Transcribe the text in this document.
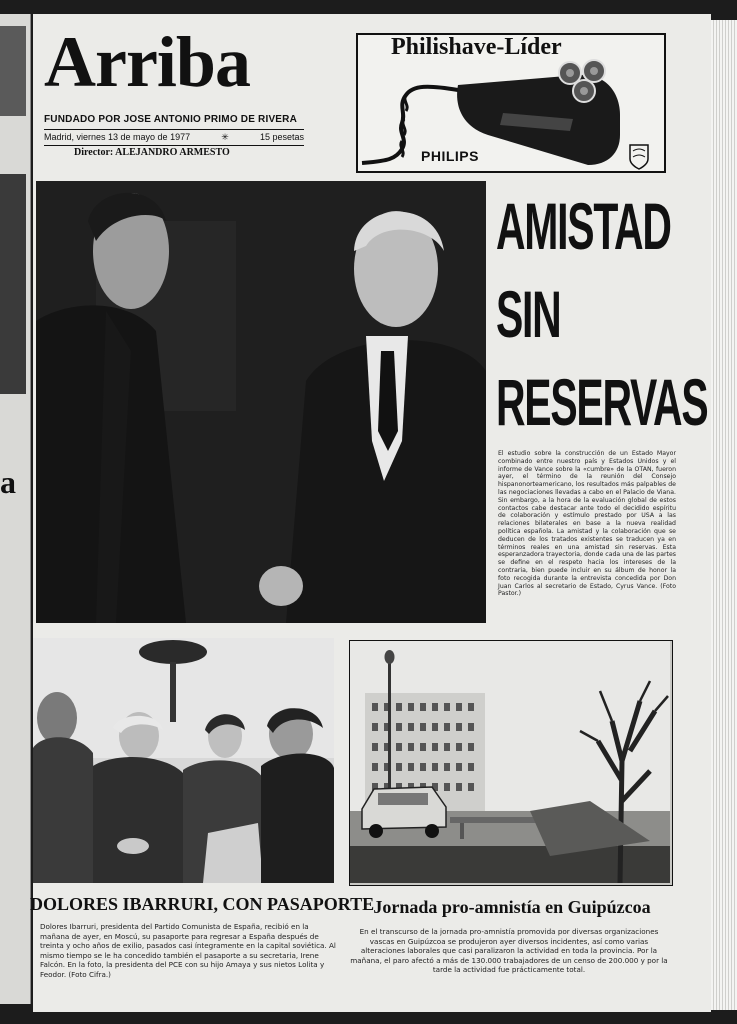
a
Arriba
FUNDADO POR JOSE ANTONIO PRIMO DE RIVERA
Madrid, viernes 13 de mayo de 1977	✳	15 pesetas
Director: ALEJANDRO ARMESTO
Philishave-Líder
PHILIPS
AMISTAD
SIN
RESERVAS
El estudio sobre la construcción de un Estado Mayor combinado entre nuestro país y Estados Unidos y el informe de Vance sobre la «cumbre» de la OTAN, fueron ayer, el término de la reunión del Consejo hispanonorteamericano, los resultados más palpables de las negociaciones llevadas a cabo en el Palacio de Viana. Sin embargo, a la hora de la evaluación global de estos contactos cabe destacar ante todo el decidido espíritu de colaboración y estímulo prestado por USA a las relaciones bilaterales en base a la nueva realidad política española. La amistad y la colaboración que se deducen de los tratados existentes se traducen ya en términos reales en una amistad sin reservas. Esta esperanzadora trayectoria, donde cada una de las partes se define en el respeto hacia los intereses de la contraria, bien puede incluir en su álbum de honor la foto recogida durante la entrevista concedida por Don Juan Carlos al secretario de Estado, Cyrus Vance. (Foto Pastor.)
DOLORES IBARRURI, CON PASAPORTE
Dolores Ibarruri, presidenta del Partido Comunista de España, recibió en la mañana de ayer, en Moscú, su pasaporte para regresar a España después de treinta y ocho años de exilio, pasados casi íntegramente en la capital soviética. Al mismo tiempo se le ha concedido también el pasaporte a su secretaria, Irene Falcón. En la foto, la presidenta del PCE con su hijo Amaya y sus nietos Lolita y Feodor. (Foto Cifra.)
Jornada pro-amnistía en Guipúzcoa
En el transcurso de la jornada pro-amnistía promovida por diversas organizaciones vascas en Guipúzcoa se produjeron ayer diversos incidentes, así como varias alteraciones laborales que casi paralizaron la actividad en toda la provincia. Por la mañana, el paro afectó a más de 130.000 trabajadores de un censo de 200.000 y por la tarde la actividad fue prácticamente total.
